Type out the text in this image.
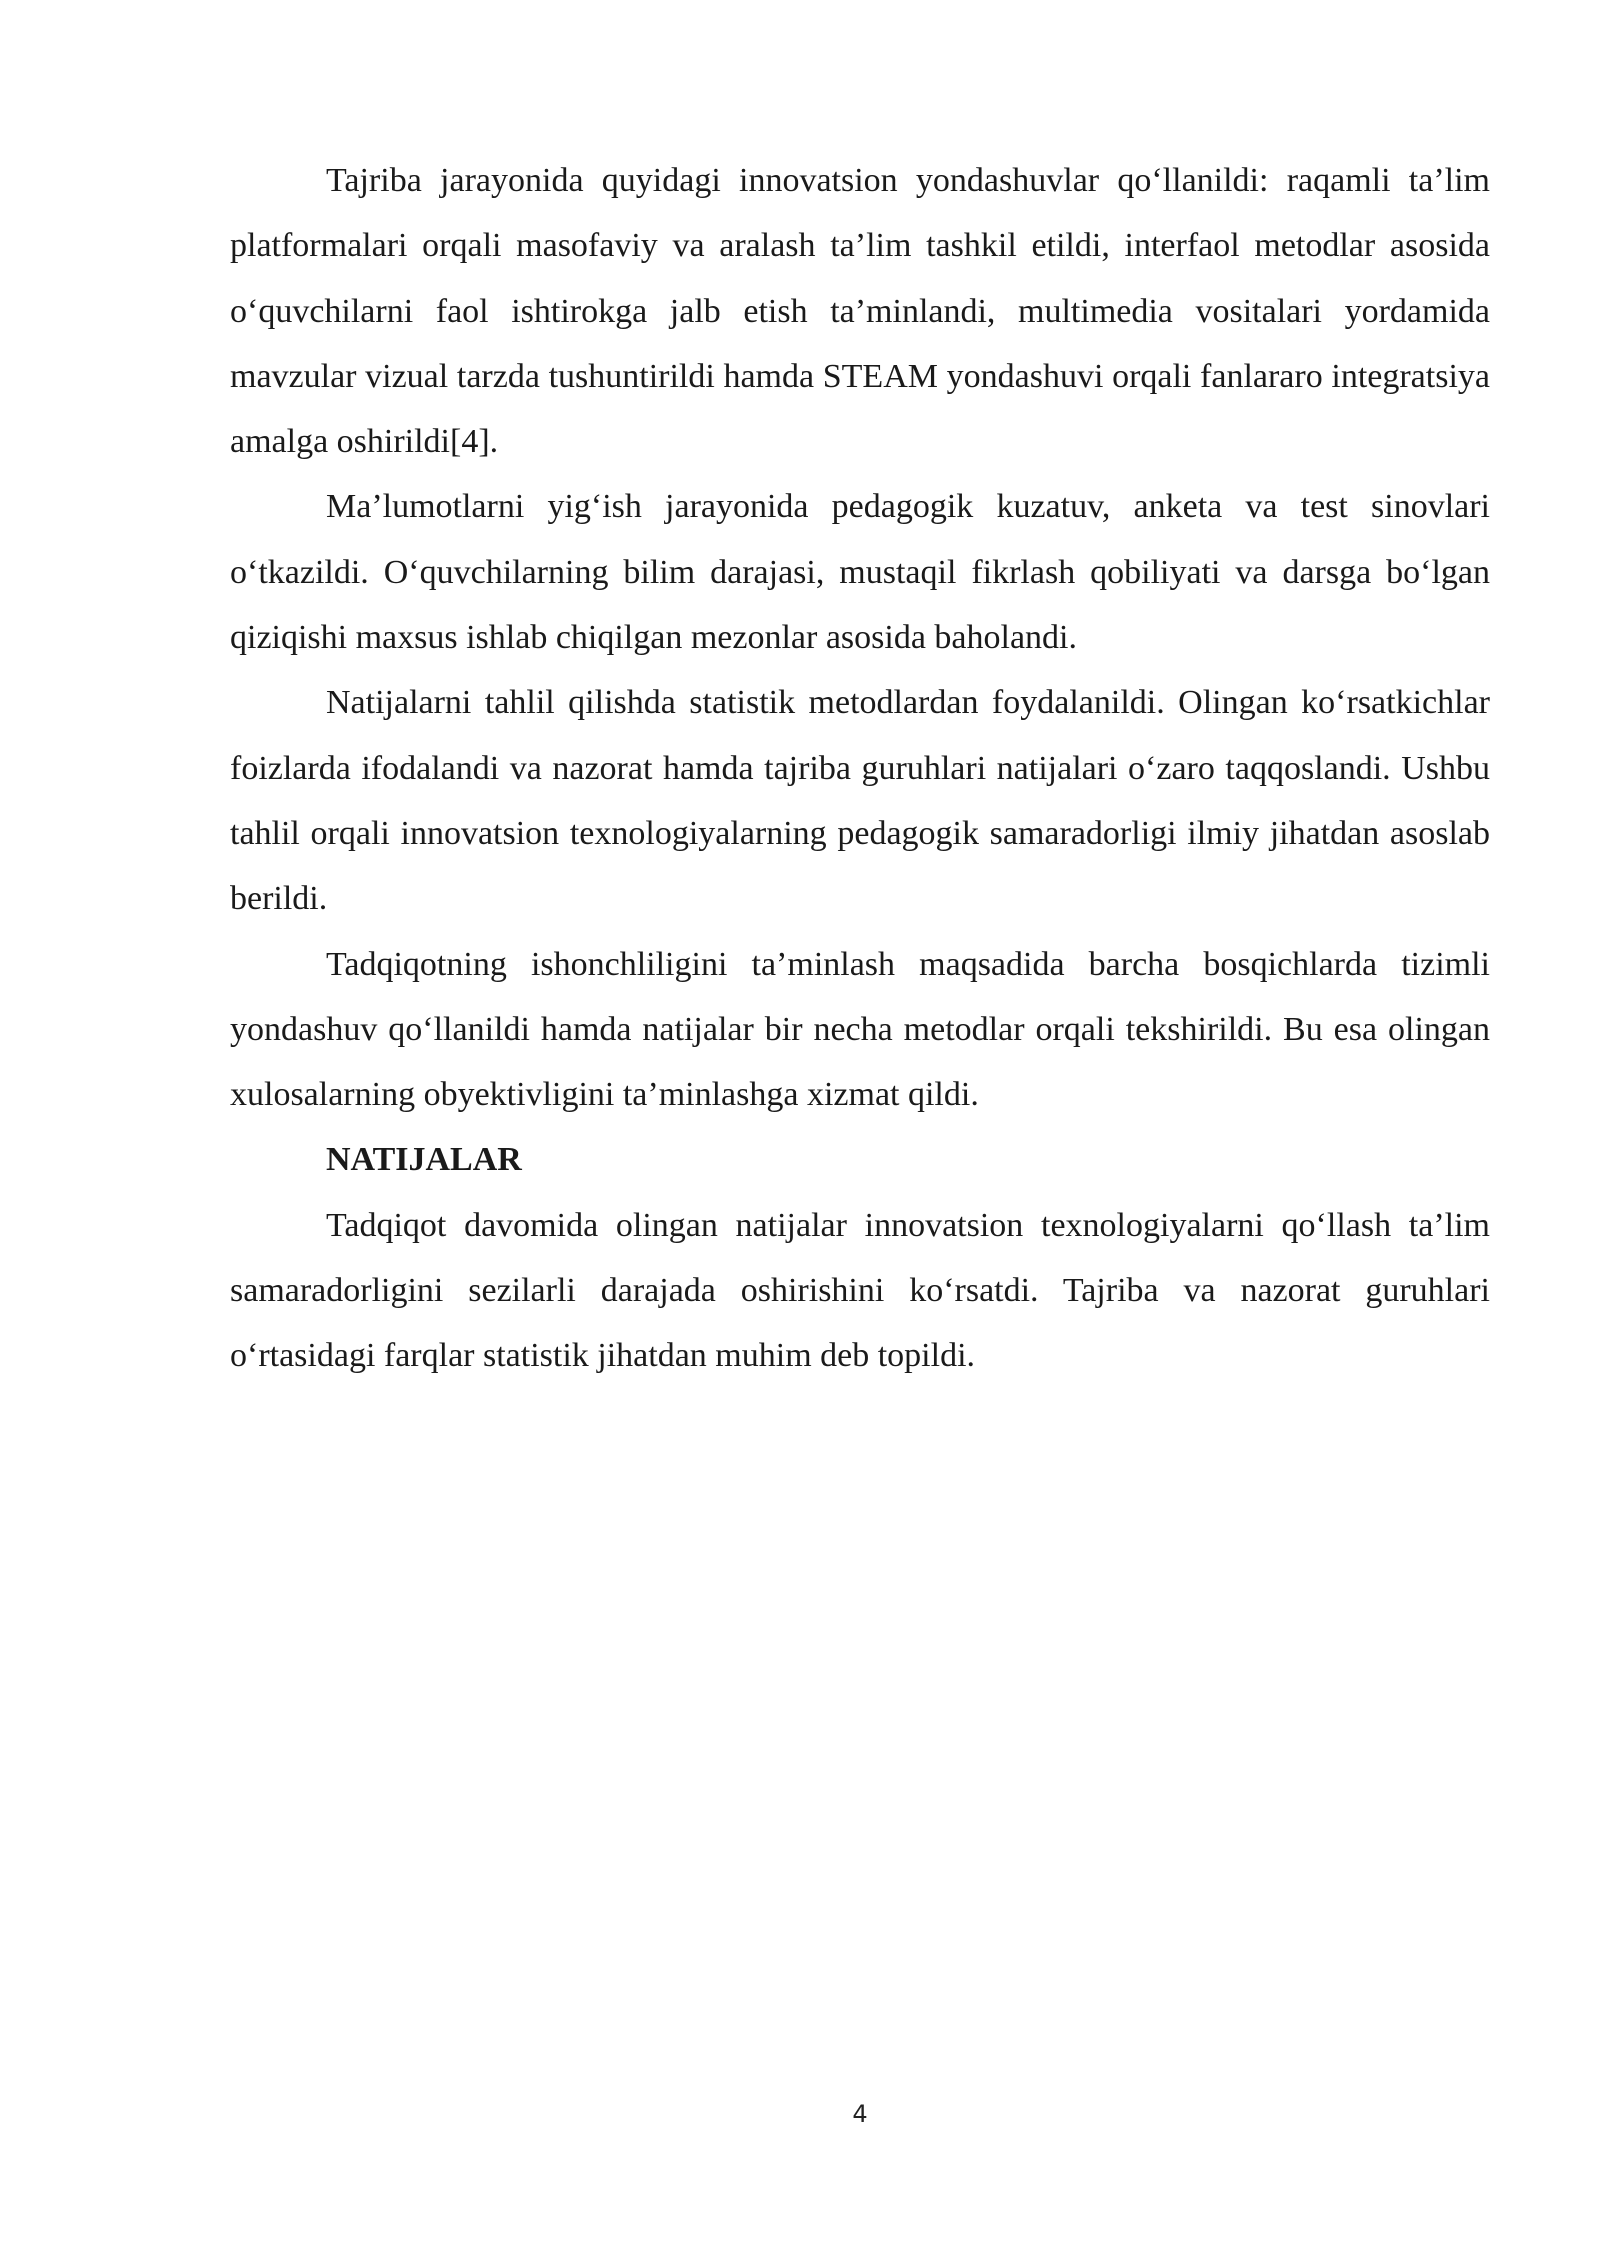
Tajriba jarayonida quyidagi innovatsion yondashuvlar qo‘llanildi: raqamli ta’lim platformalari orqali masofaviy va aralash ta’lim tashkil etildi, interfaol metodlar asosida o‘quvchilarni faol ishtirokga jalb etish ta’minlandi, multimedia vositalari yordamida mavzular vizual tarzda tushuntirildi hamda STEAM yondashuvi orqali fanlararo integratsiya amalga oshirildi[4].

Ma’lumotlarni yig‘ish jarayonida pedagogik kuzatuv, anketa va test sinovlari o‘tkazildi. O‘quvchilarning bilim darajasi, mustaqil fikrlash qobiliyati va darsga bo‘lgan qiziqishi maxsus ishlab chiqilgan mezonlar asosida baholandi.

Natijalarni tahlil qilishda statistik metodlardan foydalanildi. Olingan ko‘rsatkichlar foizlarda ifodalandi va nazorat hamda tajriba guruhlari natijalari o‘zaro taqqoslandi. Ushbu tahlil orqali innovatsion texnologiyalarning pedagogik samaradorligi ilmiy jihatdan asoslab berildi.

Tadqiqotning ishonchliligini ta’minlash maqsadida barcha bosqichlarda tizimli yondashuv qo‘llanildi hamda natijalar bir necha metodlar orqali tekshirildi. Bu esa olingan xulosalarning obyektivligini ta’minlashga xizmat qildi.

NATIJALAR

Tadqiqot davomida olingan natijalar innovatsion texnologiyalarni qo‘llash ta’lim samaradorligini sezilarli darajada oshirishini ko‘rsatdi. Tajriba va nazorat guruhlari o‘rtasidagi farqlar statistik jihatdan muhim deb topildi.

4
